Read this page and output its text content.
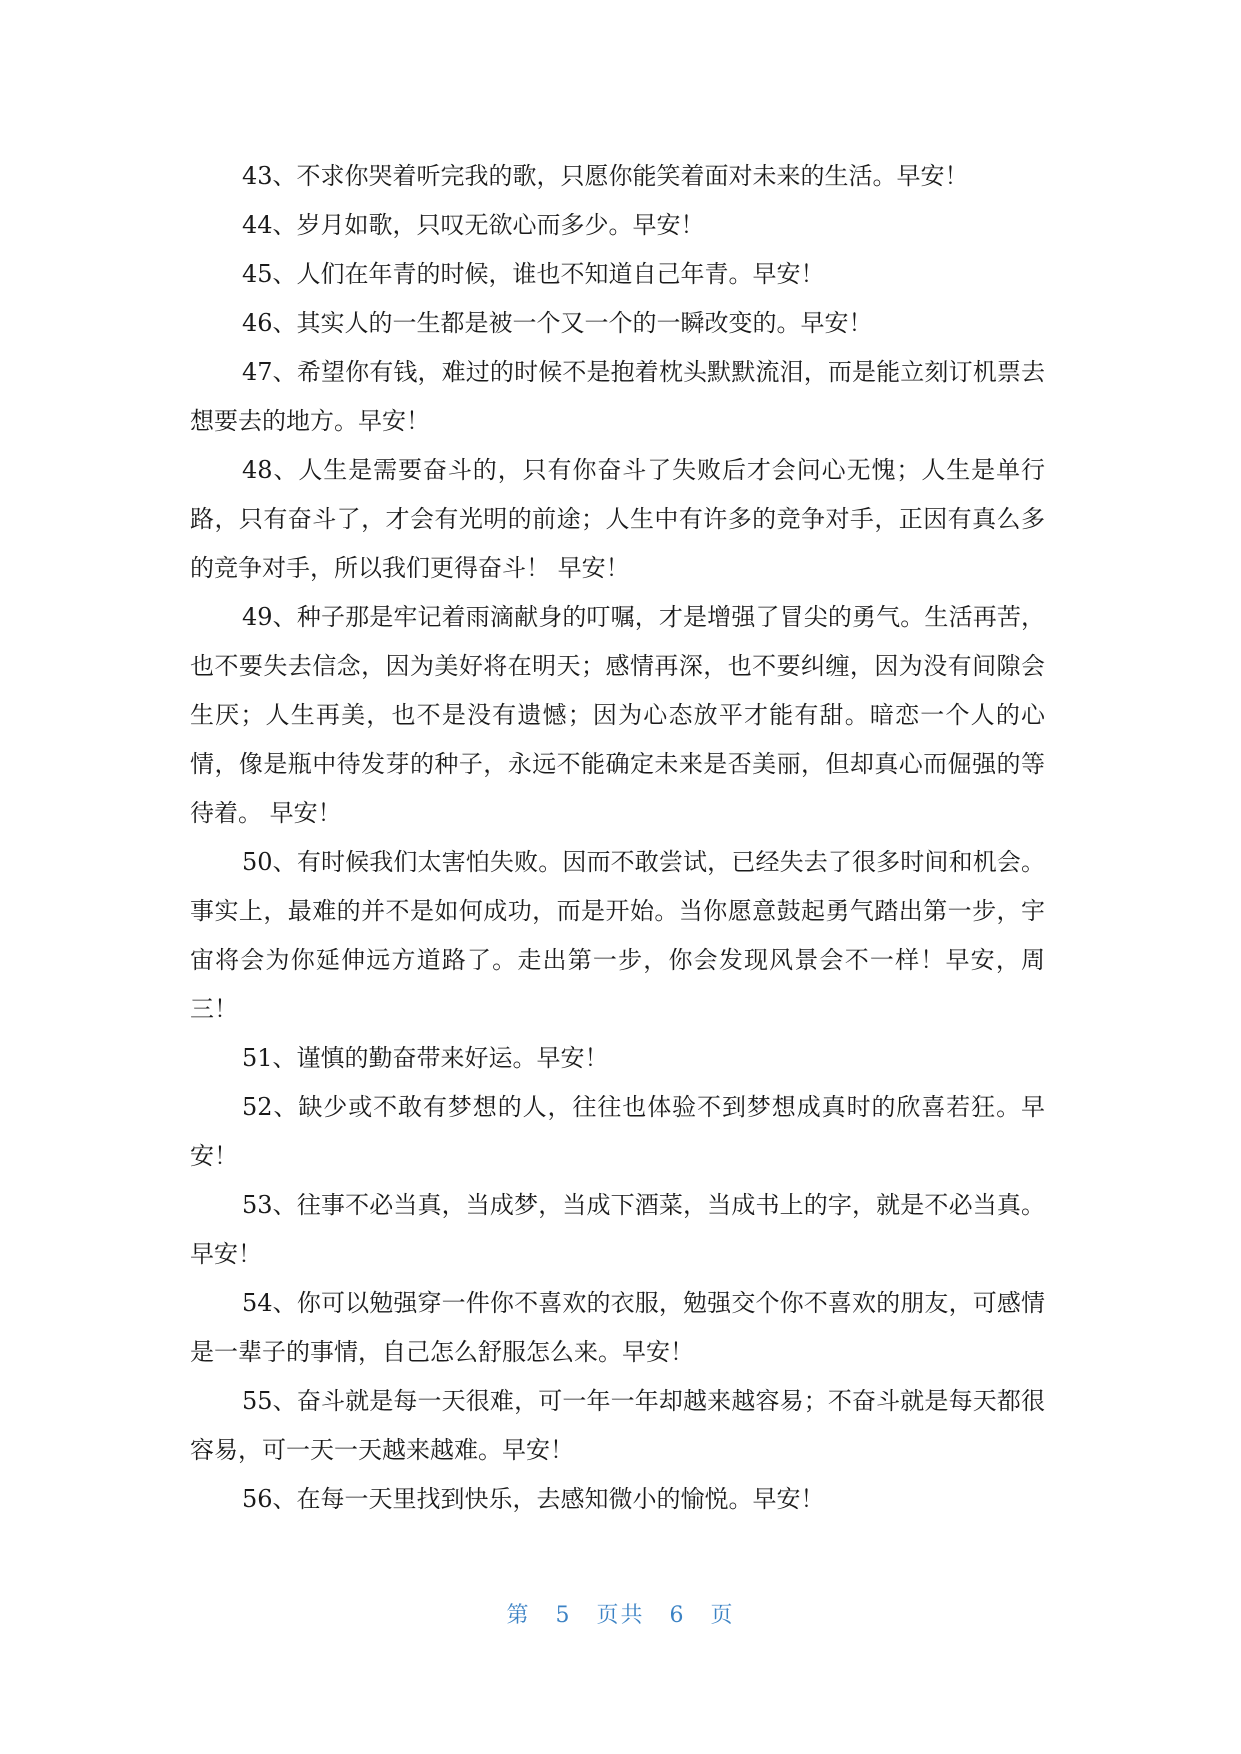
43、不求你哭着听完我的歌，只愿你能笑着面对未来的生活。早安！

44、岁月如歌，只叹无欲心而多少。早安！

45、人们在年青的时候，谁也不知道自己年青。早安！

46、其实人的一生都是被一个又一个的一瞬改变的。早安！

47、希望你有钱，难过的时候不是抱着枕头默默流泪，而是能立刻订机票去想要去的地方。早安！

48、人生是需要奋斗的，只有你奋斗了失败后才会问心无愧；人生是单行路，只有奋斗了，才会有光明的前途；人生中有许多的竞争对手，正因有真么多的竞争对手，所以我们更得奋斗！ 早安！

49、种子那是牢记着雨滴献身的叮嘱，才是增强了冒尖的勇气。生活再苦，也不要失去信念，因为美好将在明天；感情再深，也不要纠缠，因为没有间隙会生厌；人生再美，也不是没有遗憾；因为心态放平才能有甜。暗恋一个人的心情，像是瓶中待发芽的种子，永远不能确定未来是否美丽，但却真心而倔强的等待着。 早安！

50、有时候我们太害怕失败。因而不敢尝试，已经失去了很多时间和机会。事实上，最难的并不是如何成功，而是开始。当你愿意鼓起勇气踏出第一步，宇宙将会为你延伸远方道路了。走出第一步，你会发现风景会不一样！早安，周三！

51、谨慎的勤奋带来好运。早安！

52、缺少或不敢有梦想的人，往往也体验不到梦想成真时的欣喜若狂。早安！

53、往事不必当真，当成梦，当成下酒菜，当成书上的字，就是不必当真。早安！

54、你可以勉强穿一件你不喜欢的衣服，勉强交个你不喜欢的朋友，可感情是一辈子的事情，自己怎么舒服怎么来。早安！

55、奋斗就是每一天很难，可一年一年却越来越容易；不奋斗就是每天都很容易，可一天一天越来越难。早安！

56、在每一天里找到快乐，去感知微小的愉悦。早安！

第 5 页共 6 页
